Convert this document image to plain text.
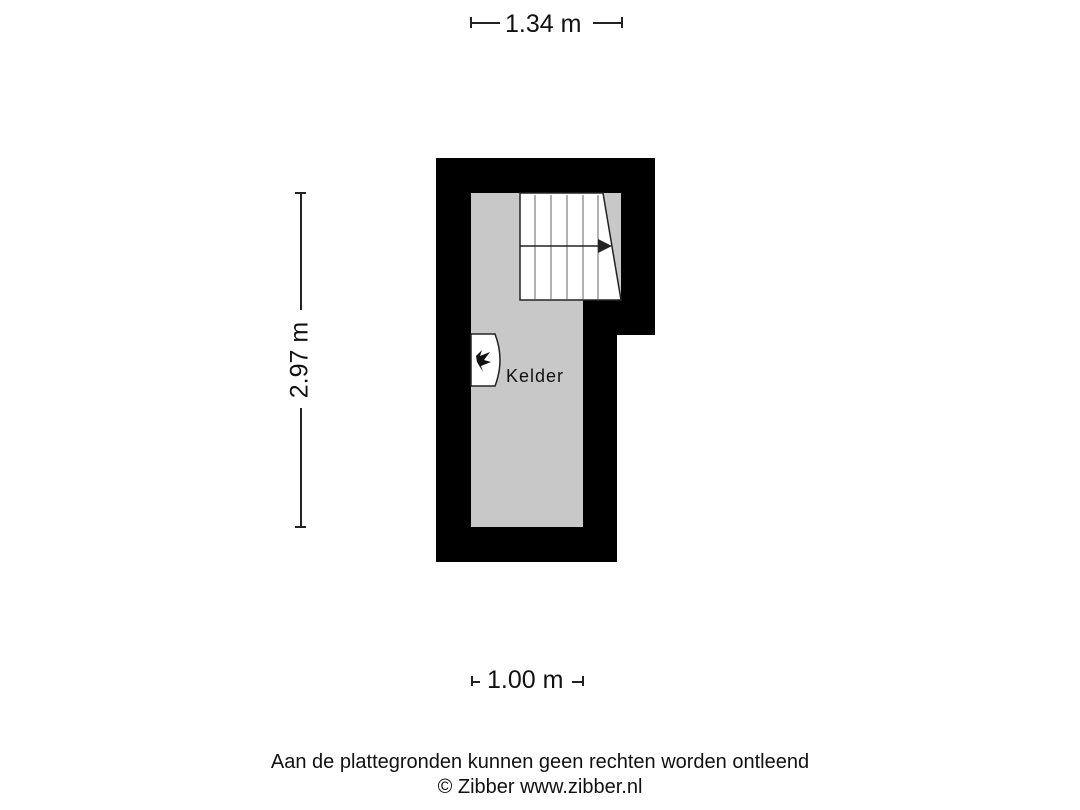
1.34 m
2.97 m	Kelder
1.00 m
Aan de plattegronden kunnen geen rechten worden ontleend
© Zibber www.zibber.nl
